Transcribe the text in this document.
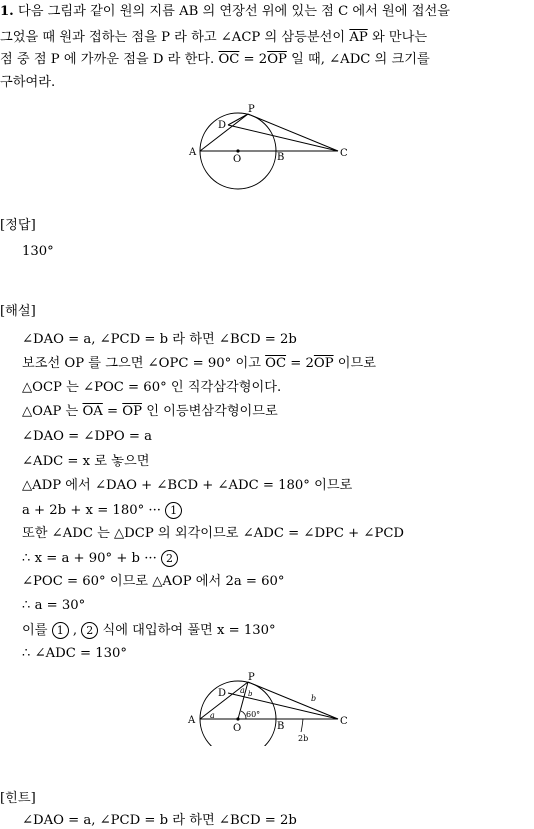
1. 다음 그림과 같이 원의 지름 AB 의 연장선 위에 있는 점 C 에서 원에 접선을
그었을 때 원과 접하는 점을 P 라 하고 ∠ACP 의 삼등분선이 $\overline{AP}$ 와 만나는
점 중 점 P 에 가까운 점을 D 라 한다. $\overline{OC} = 2\overline{OP}$ 일 때, ∠ADC 의 크기를
구하여라.
P
D
A
O	B	C
[정답]
130°
[해설]
∠DAO = a, ∠PCD = b 라 하면 ∠BCD = 2b
보조선 OP 를 그으면 ∠OPC = 90° 이고 $\overline{OC} = 2\overline{OP}$ 이므로
△OCP 는 ∠POC = 60° 인 직각삼각형이다.
△OAP 는 $\overline{OA} = \overline{OP}$ 인 이등변삼각형이므로
∠DAO = ∠DPO = a
∠ADC = x 로 놓으면
△ADP 에서 ∠DAO + ∠BCD + ∠ADC = 180° 이므로
a + 2b + x = 180° ··· 1
또한 ∠ADC 는 △DCP 의 외각이므로 ∠ADC = ∠DPC + ∠PCD
∴ x = a + 90° + b ··· 2
∠POC = 60° 이므로 △AOP 에서 2a = 60°
∴ a = 30°
이를 1 , 2 식에 대입하여 풀면 x = 130°
∴ ∠ADC = 130°
P
D
A
O	B	C
a
a
60°
b
2b
b
[힌트]
∠DAO = a, ∠PCD = b 라 하면 ∠BCD = 2b
